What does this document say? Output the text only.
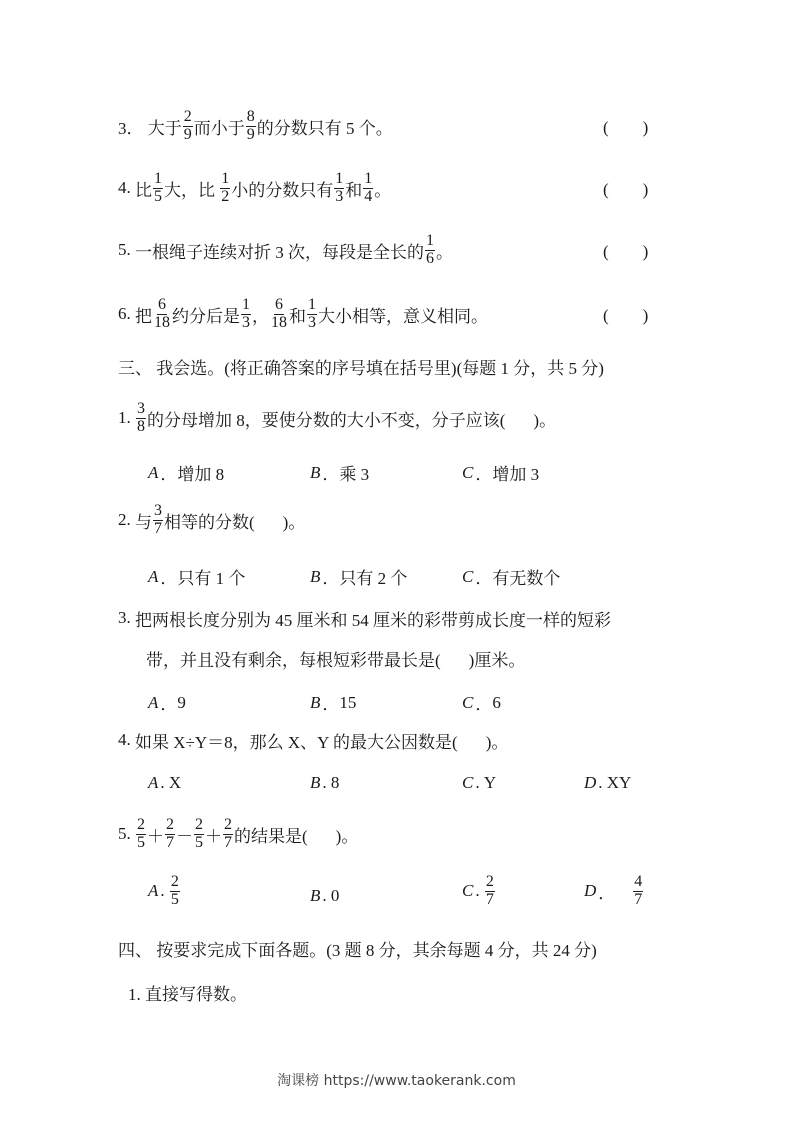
3．
大于 $\frac{2}{9}$ 而小于 $\frac{8}{9}$ 的分数只有 5 个。	( )
4.
比 $\frac{1}{5}$ 大，比 $\frac{1}{2}$ 小的分数只有 $\frac{1}{3}$ 和 $\frac{1}{4}$ 。	( )
5.
一根绳子连续对折 3 次，每段是全长的 $\frac{1}{6}$ 。	( )
6.
把 $\frac{6}{18}$ 约分后是 $\frac{1}{3}$ ， $\frac{6}{18}$ 和 $\frac{1}{3}$ 大小相等，意义相同。	( )
三、 我会选。(将正确答案的序号填在括号里)(每题 1 分，共 5 分)
1.
$\frac{3}{8}$ 的分母增加 8，要使分数的大小不变，分子应该( )。
A ． 增加 8	B ． 乘 3	C ． 增加 3
2.
与 $\frac{3}{7}$ 相等的分数( )。
A ． 只有 1 个	B ． 只有 2 个	C ． 有无数个
3.
把两根长度分别为 45 厘米和 54 厘米的彩带剪成长度一样的短彩
带，并且没有剩余，每根短彩带最长是( )厘米。
A ． 9	B ． 15	C ． 6
4.
如果 X÷Y＝8，那么 X、Y 的最大公因数是( )。
A .
X	B .
8	C .
Y	D .
XY
5.
$\frac{2}{5} + \frac{2}{7} - \frac{2}{5} + \frac{2}{7}$ 的结果是( )。
A .
$\frac{2}{5}$	B .
0	C .
$\frac{2}{7}$	D ．
$\frac{4}{7}$
四、 按要求完成下面各题。(3 题 8 分，其余每题 4 分，共 24 分)
1. 直接写得数。
淘课榜 https://www.taokerank.com
